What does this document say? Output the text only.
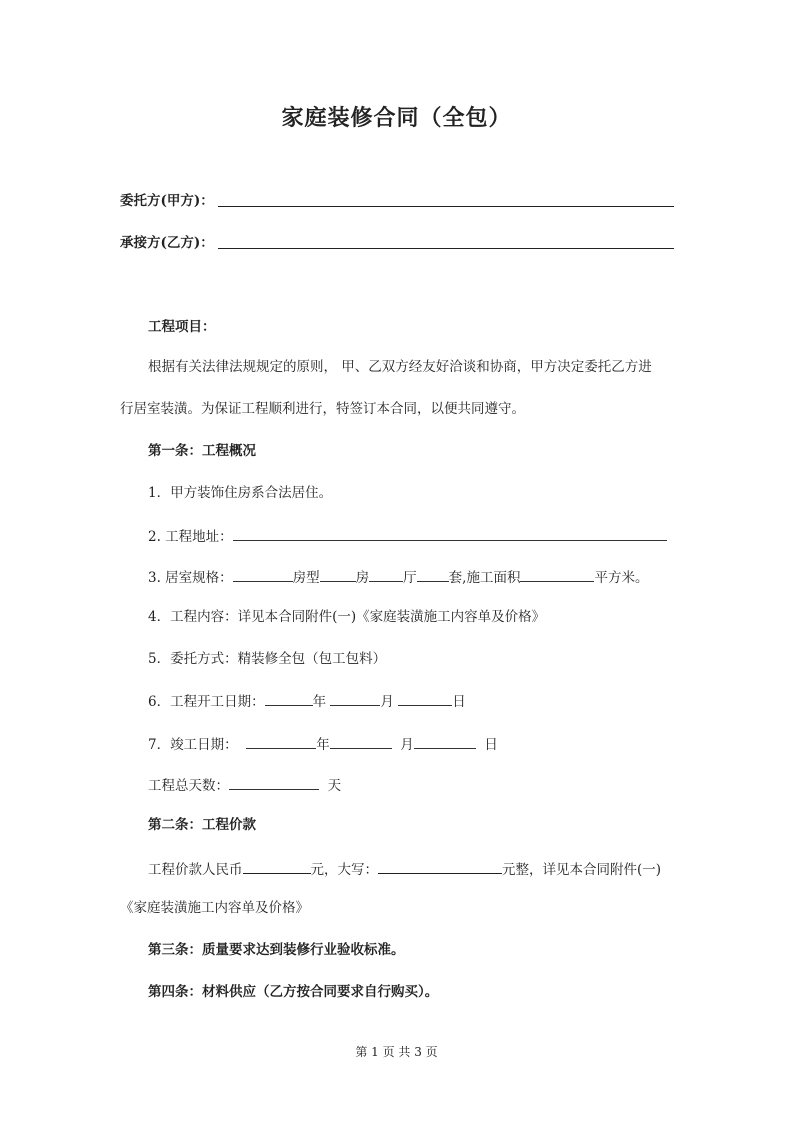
家庭装修合同（全包）
委托方(甲方)：
承接方(乙方)：
工程项目：
根据有关法律法规规定的原则， 甲、乙双方经友好洽谈和协商，甲方决定委托乙方进
行居室装潢。为保证工程顺利进行，特签订本合同，以便共同遵守。
第一条：工程概况
1．甲方装饰住房系合法居住。
2. 工程地址：
3. 居室规格：	房型	房	厅 套,施工面积	平方米。
4．工程内容：详见本合同附件(一)《家庭装潢施工内容单及价格》
5．委托方式：精装修全包（包工包料）
6．工程开工日期：	年	月	日
7．竣工日期：	年	月	日
工程总天数：	天
第二条：工程价款
工程价款人民币	元，大写：	元整，详见本合同附件(一)
《家庭装潢施工内容单及价格》
第三条：质量要求达到装修行业验收标准。
第四条：材料供应（乙方按合同要求自行购买）。
第 1 页 共 3 页
